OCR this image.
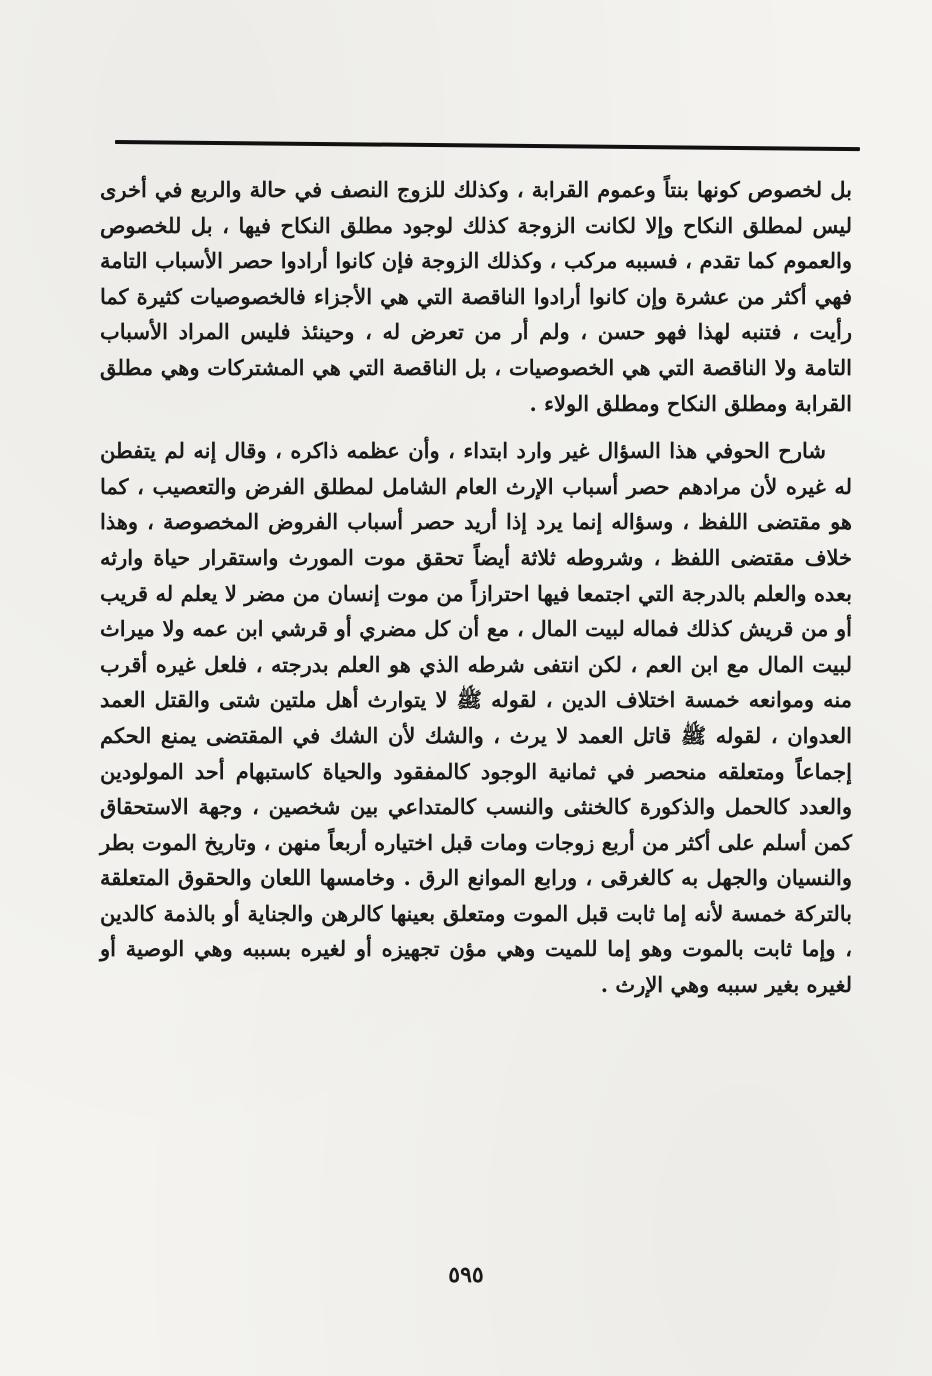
بل لخصوص كونها بنتاً وعموم القرابة ، وكذلك للزوج النصف في حالة والربع في أخرى ليس لمطلق النكاح وإلا لكانت الزوجة كذلك لوجود مطلق النكاح فيها ، بل للخصوص والعموم كما تقدم ، فسببه مركب ، وكذلك الزوجة فإن كانوا أرادوا حصر الأسباب التامة فهي أكثر من عشرة وإن كانوا أرادوا الناقصة التي هي الأجزاء فالخصوصيات كثيرة كما رأيت ، فتنبه لهذا فهو حسن ، ولم أر من تعرض له ، وحينئذ فليس المراد الأسباب التامة ولا الناقصة التي هي الخصوصيات ، بل الناقصة التي هي المشتركات وهي مطلق القرابة ومطلق النكاح ومطلق الولاء .

شارح الحوفي هذا السؤال غير وارد ابتداء ، وأن عظمه ذاكره ، وقال إنه لم يتفطن له غيره لأن مراده‍م حصر أسباب الإرث العام الشامل لمطلق الفرض والتعصيب ، كما هو مقتضى اللفظ ، وسؤاله إنما يرد إذا أريد حصر أسباب الفروض المخصوصة ، وهذا خلاف مقتضى اللفظ ، وشروطه ثلاثة أيضاً تحقق موت المورث واستقرار حياة وارثه بعده والعلم بالدرجة التي اجتمعا فيها احترازاً من موت إنسان من مضر لا يعلم له قريب أو من قريش كذلك فماله لبيت المال ، مع أن كل مضري أو قرشي ابن عمه ولا ميراث لبيت المال مع ابن العم ، لكن انتفى شرطه الذي هو العلم بدرجته ، فلعل غيره أقرب منه وموانعه خمسة اختلاف الدين ، لقوله ﷺ لا يتوارث أهل ملتين شتى والقتل العمد العدوان ، لقوله ﷺ قاتل العمد لا يرث ، والشك لأن الشك في المقتضى يمنع الحكم إجماعاً ومتعلقه منحصر في ثمانية الوجود كالمفقود والحياة كاستبهام أحد المولودين والعدد كالحمل والذكورة كالخنثى والنسب كالمتداعي بين شخصين ، وجهة الاستحقاق كمن أسلم على أكثر من أربع زوجات ومات قبل اختياره أربعاً منهن ، وتاريخ الموت بطر والنسيان والجهل به كالغرقى ، ورابع الموانع الرق . وخامسها اللعان والحقوق المتعلقة بالتركة خمسة لأنه إما ثابت قبل الموت ومتعلق بعينها كالرهن والجناية أو بالذمة كالدين ، وإما ثابت بالموت وهو إما للميت وهي مؤن تجهيزه أو لغيره بسببه وهي الوصية أو لغيره بغير سببه وهي الإرث .

٥٩٥
